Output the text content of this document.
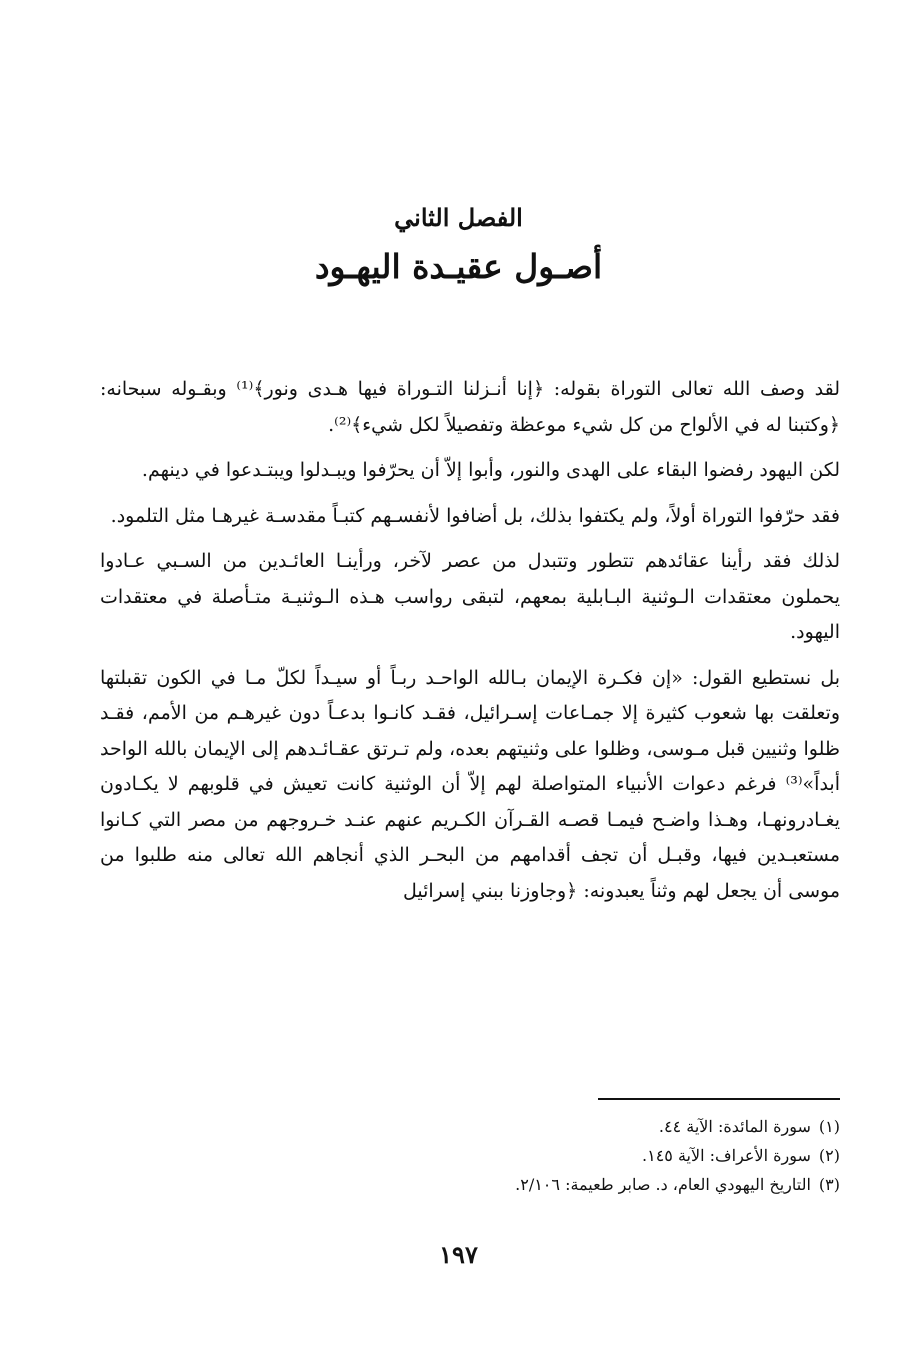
الفصل الثاني
أصـول عقيـدة اليهـود

لقد وصف الله تعالى التوراة بقوله: ﴿إنا أنـزلنا التـوراة فيها هـدى ونور﴾⁽¹⁾ وبقـوله سبحانه: ﴿وكتبنا له في الألواح من كل شيء موعظة وتفصيلاً لكل شيء﴾⁽²⁾.

لكن اليهود رفضوا البقاء على الهدى والنور، وأبوا إلاّ أن يحرّفوا ويبـدلوا ويبتـدعوا في دينهم.

فقد حرّفوا التوراة أولاً، ولم يكتفوا بذلك، بل أضافوا لأنفسـهم كتبـاً مقدسـة غيرهـا مثل التلمود.

لذلك فقد رأينا عقائدهم تتطور وتتبدل من عصر لآخر، ورأينـا العائـدين من السـبي عـادوا يحملون معتقدات الـوثنية البـابلية بمعهم، لتبقى رواسب هـذه الـوثنيـة متـأصلة في معتقدات اليهود.

بل نستطيع القول: «إن فكـرة الإيمان بـالله الواحـد ربـاً أو سيـداً لكلّ مـا في الكون تقبلتها وتعلقت بها شعوب كثيرة إلا جمـاعات إسـرائيل، فقـد كانـوا بدعـاً دون غيرهـم من الأمم، فقـد ظلوا وثنيين قبل مـوسى، وظلوا على وثنيتهم بعده، ولم تـرتق عقـائـدهم إلى الإيمان بالله الواحد أبداً»⁽³⁾ فرغم دعوات الأنبياء المتواصلة لهم إلاّ أن الوثنية كانت تعيش في قلوبهم لا يكـادون يغـادرونهـا، وهـذا واضـح فيمـا قصـه القـرآن الكـريم عنهم عنـد خـروجهم من مصر التي كـانوا مستعبـدين فيها، وقبـل أن تجف أقدامهم من البحـر الذي أنجاهم الله تعالى منه طلبوا من موسى أن يجعل لهم وثناً يعبدونه: ﴿وجاوزنا ببني إسرائيل

(١)سورة المائدة: الآية ٤٤.

(٢)سورة الأعراف: الآية ١٤٥.

(٣)التاريخ اليهودي العام، د. صابر طعيمة: ٢/١٠٦.

١٩٧
